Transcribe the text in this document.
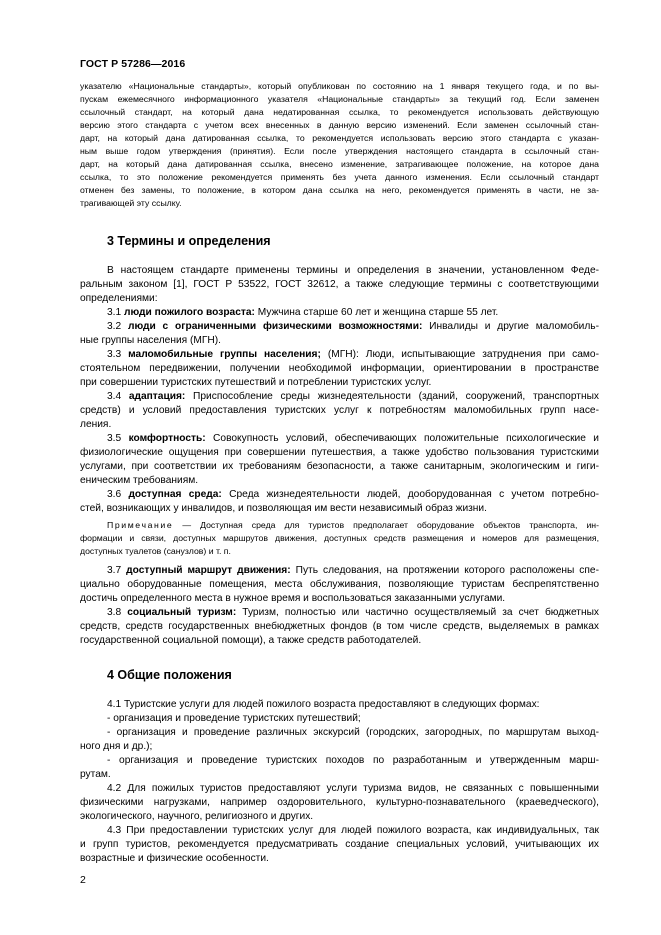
ГОСТ Р 57286—2016
указателю «Национальные стандарты», который опубликован по состоянию на 1 января текущего года, и по вы-
пускам ежемесячного информационного указателя «Национальные стандарты» за текущий год. Если заменен
ссылочный стандарт, на который дана недатированная ссылка, то рекомендуется использовать действующую
версию этого стандарта с учетом всех внесенных в данную версию изменений. Если заменен ссылочный стан-
дарт, на который дана датированная ссылка, то рекомендуется использовать версию этого стандарта с указан-
ным выше годом утверждения (принятия). Если после утверждения настоящего стандарта в ссылочный стан-
дарт, на который дана датированная ссылка, внесено изменение, затрагивающее положение, на которое дана
ссылка, то это положение рекомендуется применять без учета данного изменения. Если ссылочный стандарт
отменен без замены, то положение, в котором дана ссылка на него, рекомендуется применять в части, не за-
трагивающей эту ссылку.
3 Термины и определения
В настоящем стандарте применены термины и определения в значении, установленном Феде-
ральным законом [1], ГОСТ Р 53522, ГОСТ 32612, а также следующие термины с соответствующими
определениями:
3.1 люди пожилого возраста: Мужчина старше 60 лет и женщина старше 55 лет.
3.2 люди с ограниченными физическими возможностями: Инвалиды и другие маломобиль-
ные группы населения (МГН).
3.3 маломобильные группы населения; (МГН): Люди, испытывающие затруднения при само-
стоятельном передвижении, получении необходимой информации, ориентировании в пространстве
при совершении туристских путешествий и потреблении туристских услуг.
3.4 адаптация: Приспособление среды жизнедеятельности (зданий, сооружений, транспортных
средств) и условий предоставления туристских услуг к потребностям маломобильных групп насе-
ления.
3.5 комфортность: Совокупность условий, обеспечивающих положительные психологические и
физиологические ощущения при совершении путешествия, а также удобство пользования туристскими
услугами, при соответствии их требованиям безопасности, а также санитарным, экологическим и гиги-
еническим требованиям.
3.6 доступная среда: Среда жизнедеятельности людей, дооборудованная с учетом потребно-
стей, возникающих у инвалидов, и позволяющая им вести независимый образ жизни.
Примечание — Доступная среда для туристов предполагает оборудование объектов транспорта, ин-
формации и связи, доступных маршрутов движения, доступных средств размещения и номеров для размещения,
доступных туалетов (санузлов) и т. п.
3.7 доступный маршрут движения: Путь следования, на протяжении которого расположены спе-
циально оборудованные помещения, места обслуживания, позволяющие туристам беспрепятственно
достичь определенного места в нужное время и воспользоваться заказанными услугами.
3.8 социальный туризм: Туризм, полностью или частично осуществляемый за счет бюджетных
средств, средств государственных внебюджетных фондов (в том числе средств, выделяемых в рамках
государственной социальной помощи), а также средств работодателей.
4 Общие положения
4.1 Туристские услуги для людей пожилого возраста предоставляют в следующих формах:
- организация и проведение туристских путешествий;
- организация и проведение различных экскурсий (городских, загородных, по маршрутам выход-
ного дня и др.);
- организация и проведение туристских походов по разработанным и утвержденным марш-
рутам.
4.2 Для пожилых туристов предоставляют услуги туризма видов, не связанных с повышенными
физическими нагрузками, например оздоровительного, культурно-познавательного (краеведческого),
экологического, научного, религиозного и других.
4.3 При предоставлении туристских услуг для людей пожилого возраста, как индивидуальных, так
и групп туристов, рекомендуется предусматривать создание специальных условий, учитывающих их
возрастные и физические особенности.
2
